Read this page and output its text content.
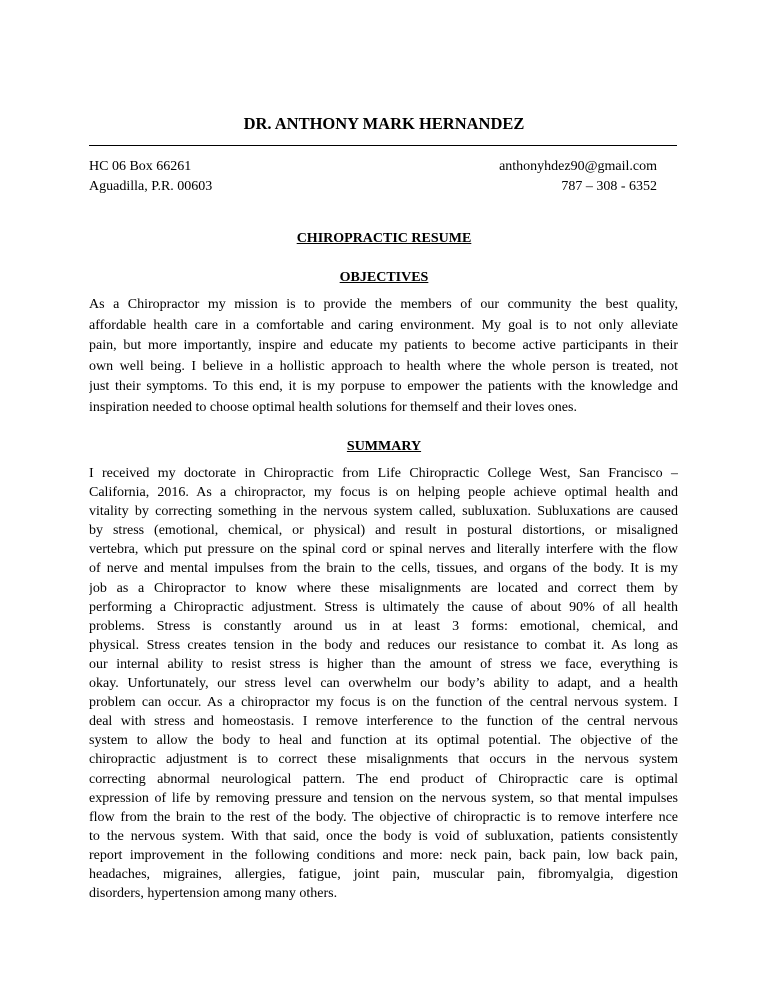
DR. ANTHONY MARK HERNANDEZ
HC 06 Box 66261
Aguadilla, P.R. 00603
anthonyhdez90@gmail.com
787 – 308 - 6352
CHIROPRACTIC RESUME
OBJECTIVES
As a Chiropractor my mission is to provide the members of our community the best quality,
affordable health care in a comfortable and caring environment. My goal is to not only alleviate
pain, but more importantly, inspire and educate my patients to become active participants in their
own well being. I believe in a hollistic approach to health where the whole person is treated, not
just their symptoms. To this end, it is my porpuse to empower the patients with the knowledge and
inspiration needed to choose optimal health solutions for themself and their loves ones.
SUMMARY
I received my doctorate in Chiropractic from Life Chiropractic College West, San Francisco –
California, 2016. As a chiropractor, my focus is on helping people achieve optimal health and
vitality by correcting something in the nervous system called, subluxation. Subluxations are caused
by stress (emotional, chemical, or physical) and result in postural distortions, or misaligned
vertebra, which put pressure on the spinal cord or spinal nerves and literally interfere with the flow
of nerve and mental impulses from the brain to the cells, tissues, and organs of the body. It is my
job as a Chiropractor to know where these misalignments are located and correct them by
performing a Chiropractic adjustment. Stress is ultimately the cause of about 90% of all health
problems. Stress is constantly around us in at least 3 forms: emotional, chemical, and
physical. Stress creates tension in the body and reduces our resistance to combat it. As long as
our internal ability to resist stress is higher than the amount of stress we face, everything is
okay. Unfortunately, our stress level can overwhelm our body’s ability to adapt, and a health
problem can occur. As a chiropractor my focus is on the function of the central nervous system. I
deal with stress and homeostasis. I remove interference to the function of the central nervous
system to allow the body to heal and function at its optimal potential. The objective of the
chiropractic adjustment is to correct these misalignments that occurs in the nervous system
correcting abnormal neurological pattern. The end product of Chiropractic care is optimal
expression of life by removing pressure and tension on the nervous system, so that mental impulses
flow from the brain to the rest of the body. The objective of chiropractic is to remove interfere nce
to the nervous system. With that said, once the body is void of subluxation, patients consistently
report improvement in the following conditions and more: neck pain, back pain, low back pain,
headaches, migraines, allergies, fatigue, joint pain, muscular pain, fibromyalgia, digestion
disorders, hypertension among many others.
